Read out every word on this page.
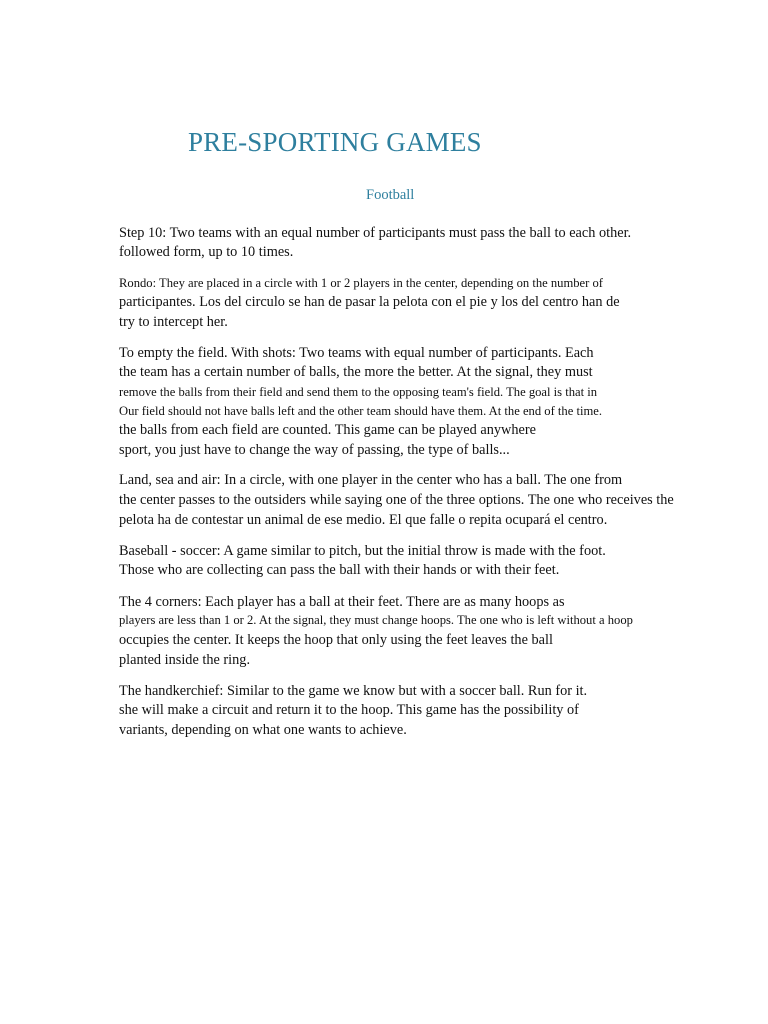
PRE-SPORTING GAMES
Football
Step 10: Two teams with an equal number of participants must pass the ball to each other.
followed form, up to 10 times.
Rondo: They are placed in a circle with 1 or 2 players in the center, depending on the number of
participantes. Los del circulo se han de pasar la pelota con el pie y los del centro han de
try to intercept her.
To empty the field. With shots: Two teams with equal number of participants. Each
the team has a certain number of balls, the more the better. At the signal, they must
remove the balls from their field and send them to the opposing team's field. The goal is that in
Our field should not have balls left and the other team should have them. At the end of the time.
the balls from each field are counted. This game can be played anywhere
sport, you just have to change the way of passing, the type of balls...
Land, sea and air: In a circle, with one player in the center who has a ball. The one from
the center passes to the outsiders while saying one of the three options. The one who receives the
pelota ha de contestar un animal de ese medio. El que falle o repita ocupará el centro.
Baseball - soccer: A game similar to pitch, but the initial throw is made with the foot.
Those who are collecting can pass the ball with their hands or with their feet.
The 4 corners: Each player has a ball at their feet. There are as many hoops as
players are less than 1 or 2. At the signal, they must change hoops. The one who is left without a hoop
occupies the center. It keeps the hoop that only using the feet leaves the ball
planted inside the ring.
The handkerchief: Similar to the game we know but with a soccer ball. Run for it.
she will make a circuit and return it to the hoop. This game has the possibility of
variants, depending on what one wants to achieve.
